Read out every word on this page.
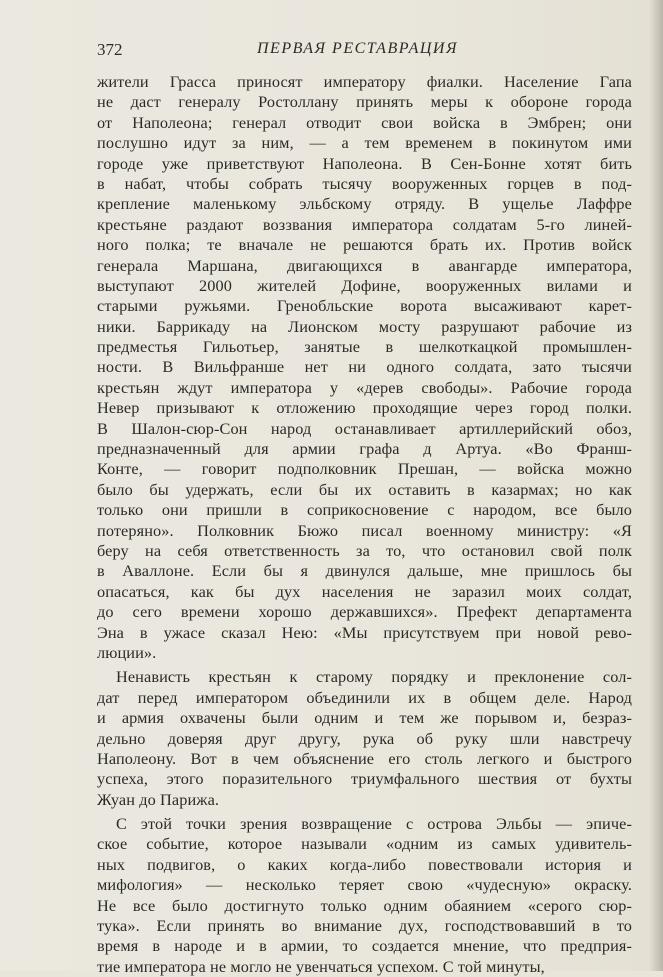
372	ПЕРВАЯ РЕСТАВРАЦИЯ
жители Грасса приносят императору фиалки. Население Гапа
не даст генералу Ростоллану принять меры к обороне города
от Наполеона; генерал отводит свои войска в Эмбрен; они
послушно идут за ним, — а тем временем в покинутом ими
городе уже приветствуют Наполеона. В Сен-Бонне хотят бить
в набат, чтобы собрать тысячу вооруженных горцев в под-
крепление маленькому эльбскому отряду. В ущелье Лаффре
крестьяне раздают воззвания императора солдатам 5-го линей-
ного полка; те вначале не решаются брать их. Против войск
генерала Маршана, двигающихся в авангарде императора,
выступают 2000 жителей Дофине, вооруженных вилами и
старыми ружьями. Гренобльские ворота высаживают карет-
ники. Баррикаду на Лионском мосту разрушают рабочие из
предместья Гильотьер, занятые в шелкоткацкой промышлен-
ности. В Вильфранше нет ни одного солдата, зато тысячи
крестьян ждут императора у «дерев свободы». Рабочие города
Невер призывают к отложению проходящие через город полки.
В Шалон-сюр-Сон народ останавливает артиллерийский обоз,
предназначенный для армии графа д Артуа. «Во Франш-
Конте, — говорит подполковник Прешан, — войска можно
было бы удержать, если бы их оставить в казармах; но как
только они пришли в соприкосновение с народом, все было
потеряно». Полковник Бюжо писал военному министру: «Я
беру на себя ответственность за то, что остановил свой полк
в Аваллоне. Если бы я двинулся дальше, мне пришлось бы
опасаться, как бы дух населения не заразил моих солдат,
до сего времени хорошо державшихся». Префект департамента
Эна в ужасе сказал Нею: «Мы присутствуем при новой рево-
люции».
Ненависть крестьян к старому порядку и преклонение сол-
дат перед императором объединили их в общем деле. Народ
и армия охвачены были одним и тем же порывом и, безраз-
дельно доверяя друг другу, рука об руку шли навстречу
Наполеону. Вот в чем объяснение его столь легкого и быстрого
успеха, этого поразительного триумфального шествия от бухты
Жуан до Парижа.
С этой точки зрения возвращение с острова Эльбы — эпиче-
ское событие, которое называли «одним из самых удивитель-
ных подвигов, о каких когда-либо повествовали история и
мифология» — несколько теряет свою «чудесную» окраску.
Не все было достигнуто только одним обаянием «серого сюр-
тука». Если принять во внимание дух, господствовавший в то
время в народе и в армии, то создается мнение, что предприя-
тие императора не могло не увенчаться успехом. С той минуты,
